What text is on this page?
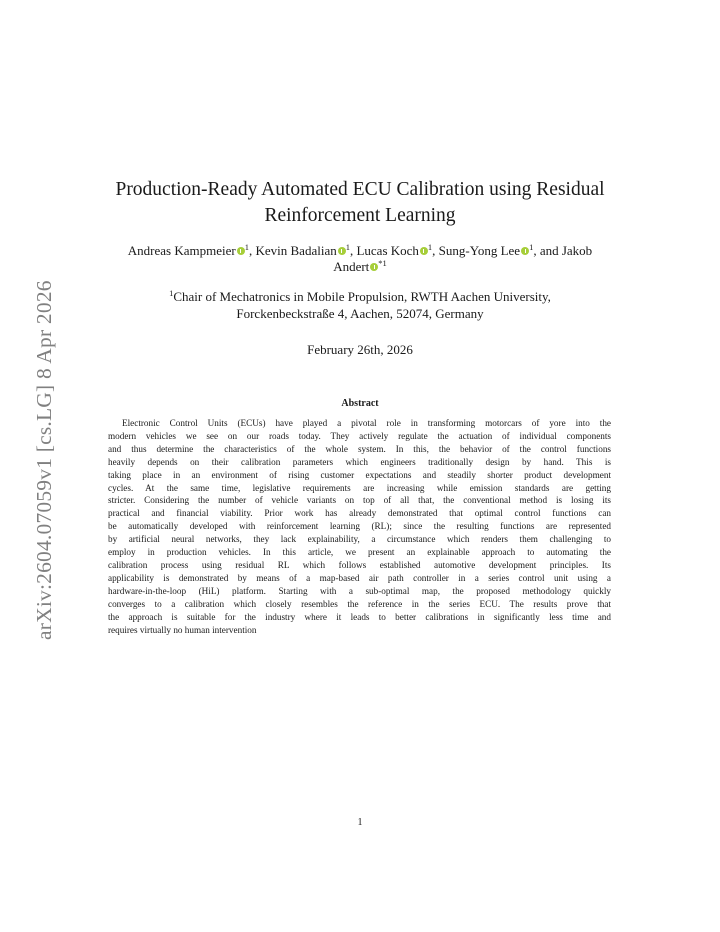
arXiv:2604.07059v1 [cs.LG] 8 Apr 2026
Production-Ready Automated ECU Calibration using Residual
Reinforcement Learning
Andreas Kampmeier $^1$, Kevin Badalian $^1$, Lucas Koch $^1$, Sung-Yong Lee $^1$, and Jakob
Andert $^{*1}$
$^1$Chair of Mechatronics in Mobile Propulsion, RWTH Aachen University,
Forckenbeckstraße 4, Aachen, 52074, Germany
February 26th, 2026
Abstract
Electronic Control Units (ECUs) have played a pivotal role in transforming motorcars of yore into the
modern vehicles we see on our roads today. They actively regulate the actuation of individual components
and thus determine the characteristics of the whole system. In this, the behavior of the control functions
heavily depends on their calibration parameters which engineers traditionally design by hand. This is
taking place in an environment of rising customer expectations and steadily shorter product development
cycles. At the same time, legislative requirements are increasing while emission standards are getting
stricter. Considering the number of vehicle variants on top of all that, the conventional method is losing its
practical and financial viability. Prior work has already demonstrated that optimal control functions can
be automatically developed with reinforcement learning (RL); since the resulting functions are represented
by artificial neural networks, they lack explainability, a circumstance which renders them challenging to
employ in production vehicles. In this article, we present an explainable approach to automating the
calibration process using residual RL which follows established automotive development principles. Its
applicability is demonstrated by means of a map-based air path controller in a series control unit using a
hardware-in-the-loop (HiL) platform. Starting with a sub-optimal map, the proposed methodology quickly
converges to a calibration which closely resembles the reference in the series ECU. The results prove that
the approach is suitable for the industry where it leads to better calibrations in significantly less time and
requires virtually no human intervention
1
